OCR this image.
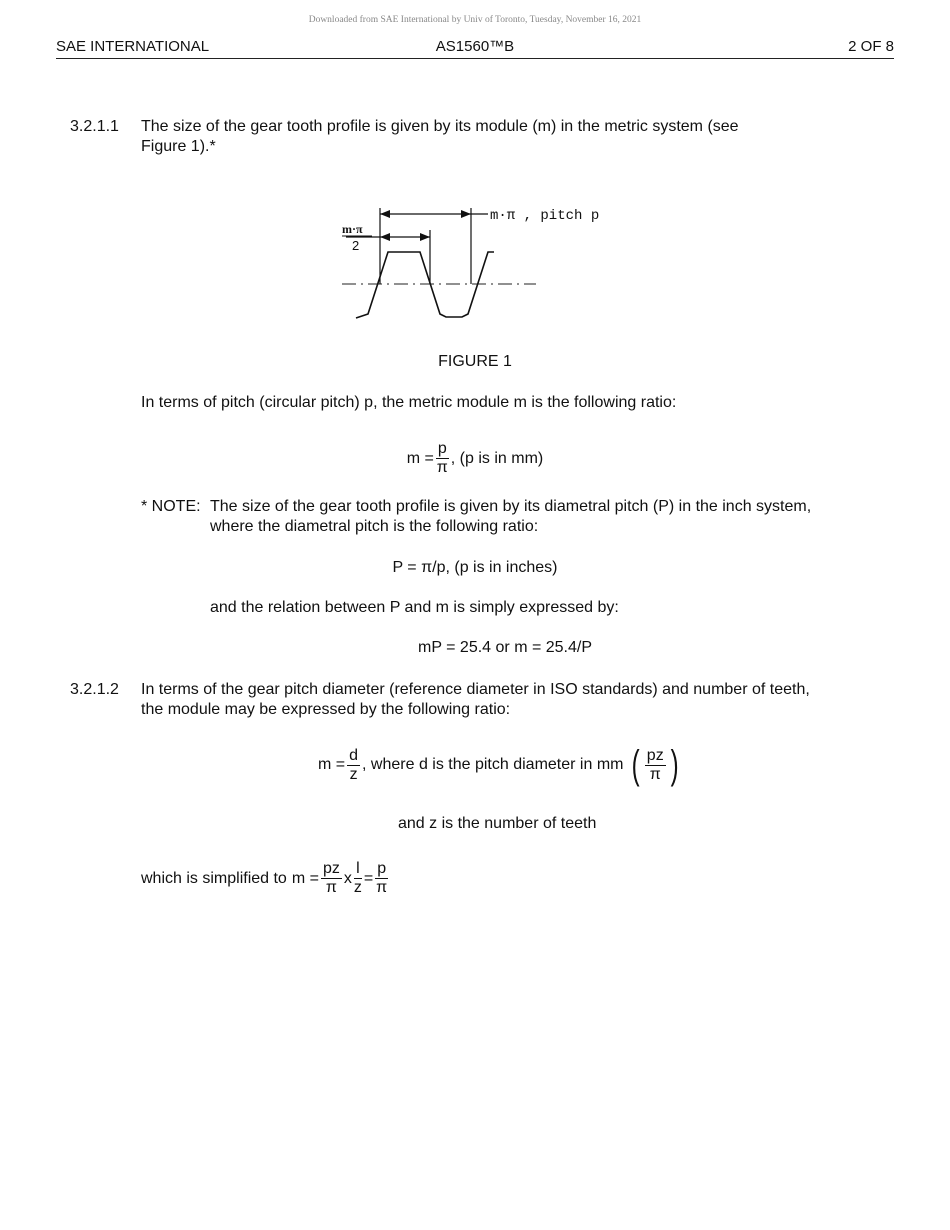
Downloaded from SAE International by Univ of Toronto, Tuesday, November 16, 2021
SAE INTERNATIONAL	AS1560™B	2 OF 8
3.2.1.1 The size of the gear tooth profile is given by its module (m) in the metric system (see
Figure 1).*
m·π , pitch p
m·π
2
FIGURE 1
In terms of pitch (circular pitch) p, the metric module m is the following ratio:
$m = \frac{p}{\pi}$ , (p is in mm)
* NOTE: The size of the gear tooth profile is given by its diametral pitch (P) in the inch system,
where the diametral pitch is the following ratio:
P = π/p, (p is in inches)
and the relation between P and m is simply expressed by:
mP = 25.4 or m = 25.4/P
3.2.1.2 In terms of the gear pitch diameter (reference diameter in ISO standards) and number of teeth,
the module may be expressed by the following ratio:
$m = \frac{d}{z}$ , where d is the pitch diameter in mm ( $\frac{pz}{\pi}$ )
and z is the number of teeth
which is simplified to $m = \frac{pz}{\pi}$ x $\frac{l}{z} = \frac{p}{\pi}$
